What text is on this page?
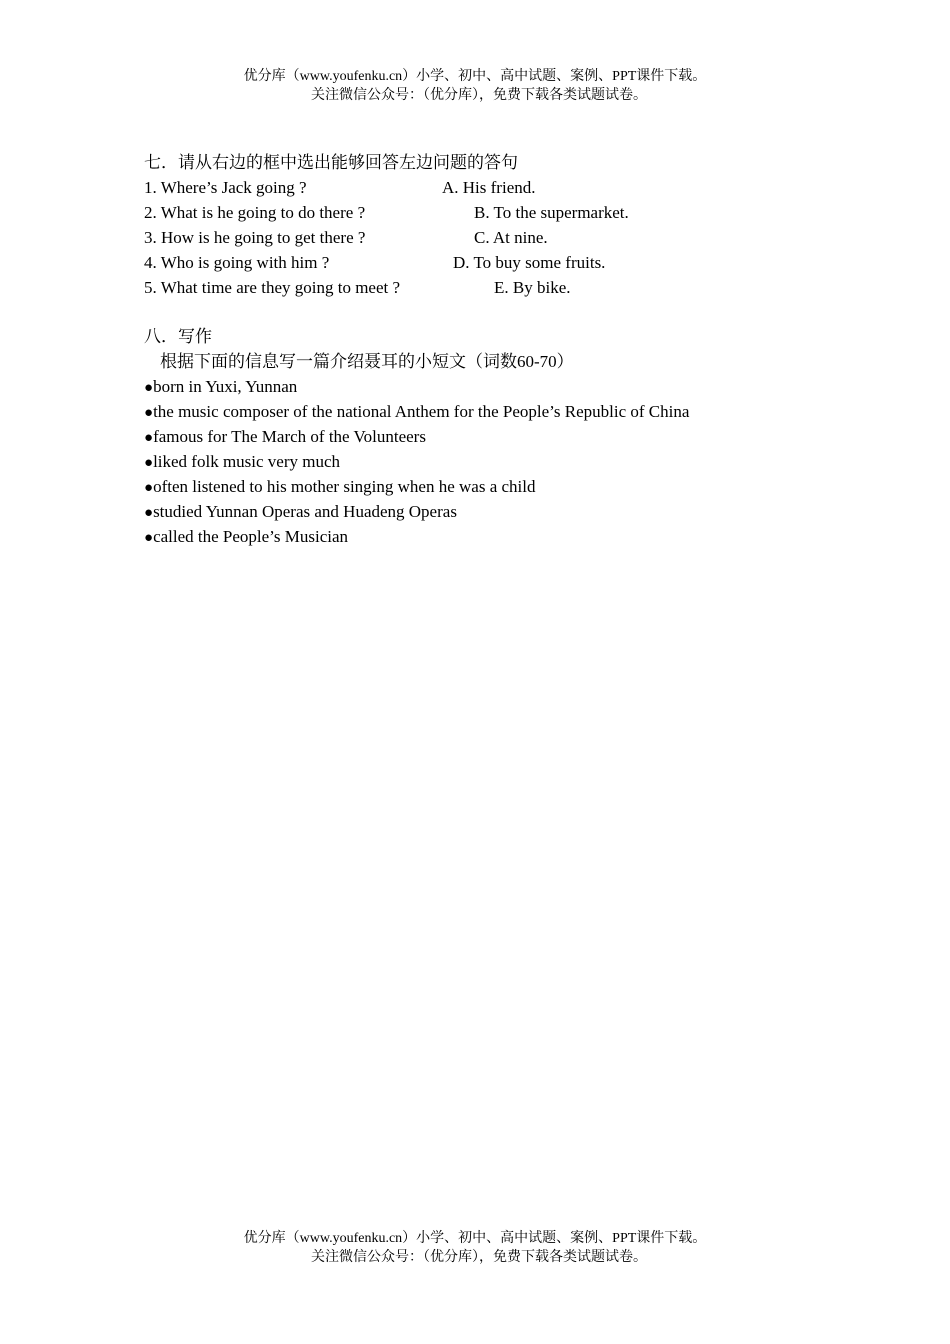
优分库（www.youfenku.cn）小学、初中、高中试题、案例、PPT课件下载。
关注微信公众号：（优分库），免费下载各类试题试卷。
七．请从右边的框中选出能够回答左边问题的答句
1. Where’s Jack going ?	A. His friend.
2. What is he going to do there ?	B. To the supermarket.
3. How is he going to get there ?	C. At nine.
4. Who is going with him ?	D. To buy some fruits.
5. What time are they going to meet ?	E. By bike.
八．写作
根据下面的信息写一篇介绍聂耳的小短文（词数60-70）
●born in Yuxi, Yunnan
●the music composer of the national Anthem for the People’s Republic of China
●famous for The March of the Volunteers
●liked folk music very much
●often listened to his mother singing when he was a child
●studied Yunnan Operas and Huadeng Operas
●called the People’s Musician
优分库（www.youfenku.cn）小学、初中、高中试题、案例、PPT课件下载。
关注微信公众号：（优分库），免费下载各类试题试卷。
